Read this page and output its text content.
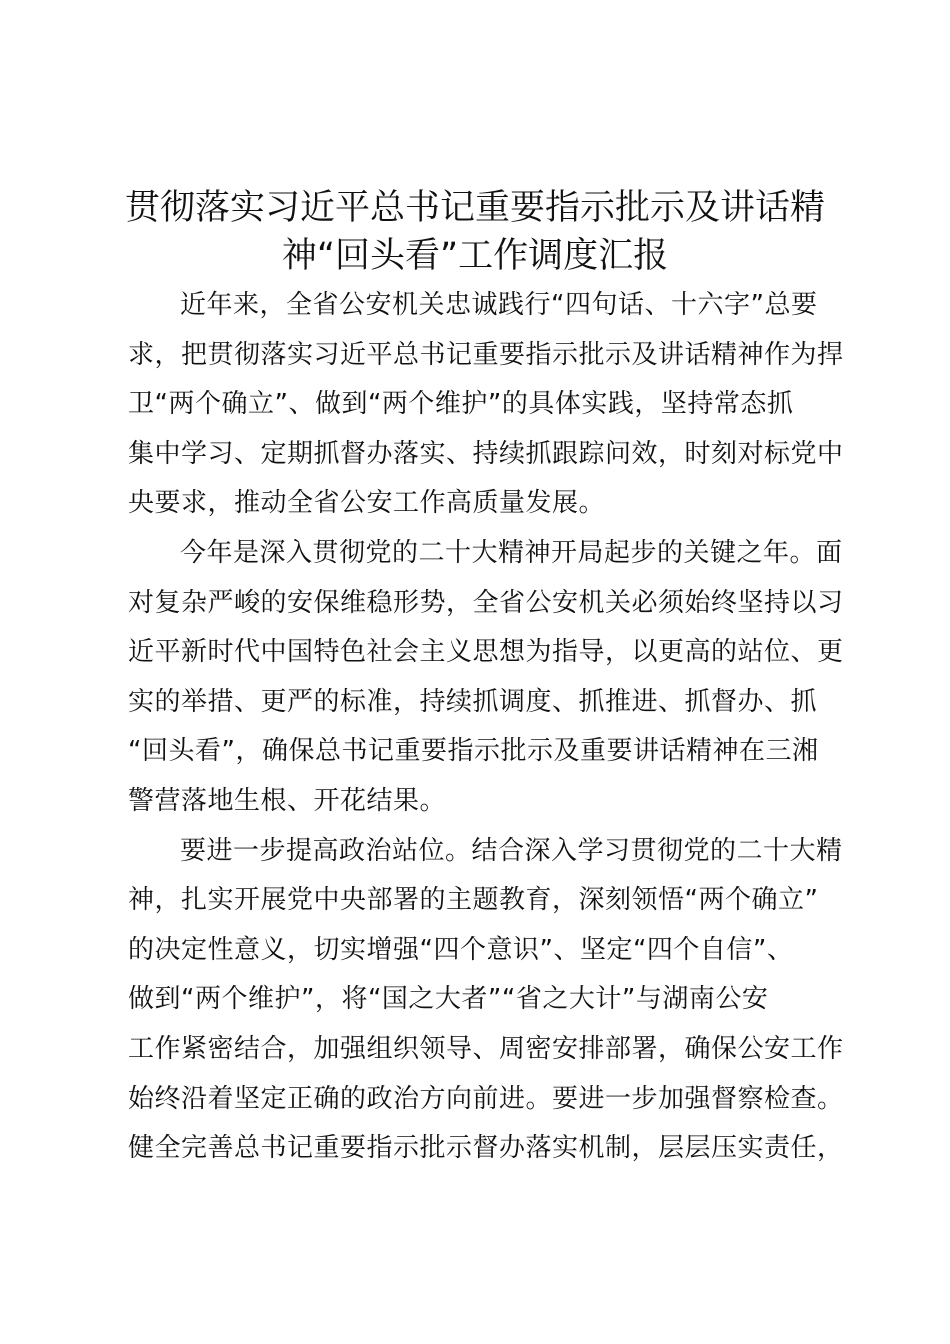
贯彻落实习近平总书记重要指示批示及讲话精
神“回头看”工作调度汇报
近年来，全省公安机关忠诚践行“四句话、十六字”总要
求，把贯彻落实习近平总书记重要指示批示及讲话精神作为捍
卫“两个确立”、做到“两个维护”的具体实践，坚持常态抓
集中学习、定期抓督办落实、持续抓跟踪问效，时刻对标党中
央要求，推动全省公安工作高质量发展。
今年是深入贯彻党的二十大精神开局起步的关键之年。面
对复杂严峻的安保维稳形势，全省公安机关必须始终坚持以习
近平新时代中国特色社会主义思想为指导，以更高的站位、更
实的举措、更严的标准，持续抓调度、抓推进、抓督办、抓
“回头看”，确保总书记重要指示批示及重要讲话精神在三湘
警营落地生根、开花结果。
要进一步提高政治站位。结合深入学习贯彻党的二十大精
神，扎实开展党中央部署的主题教育，深刻领悟“两个确立”
的决定性意义，切实增强“四个意识”、坚定“四个自信”、
做到“两个维护”，将“国之大者”“省之大计”与湖南公安
工作紧密结合，加强组织领导、周密安排部署，确保公安工作
始终沿着坚定正确的政治方向前进。要进一步加强督察检查。
健全完善总书记重要指示批示督办落实机制，层层压实责任，
